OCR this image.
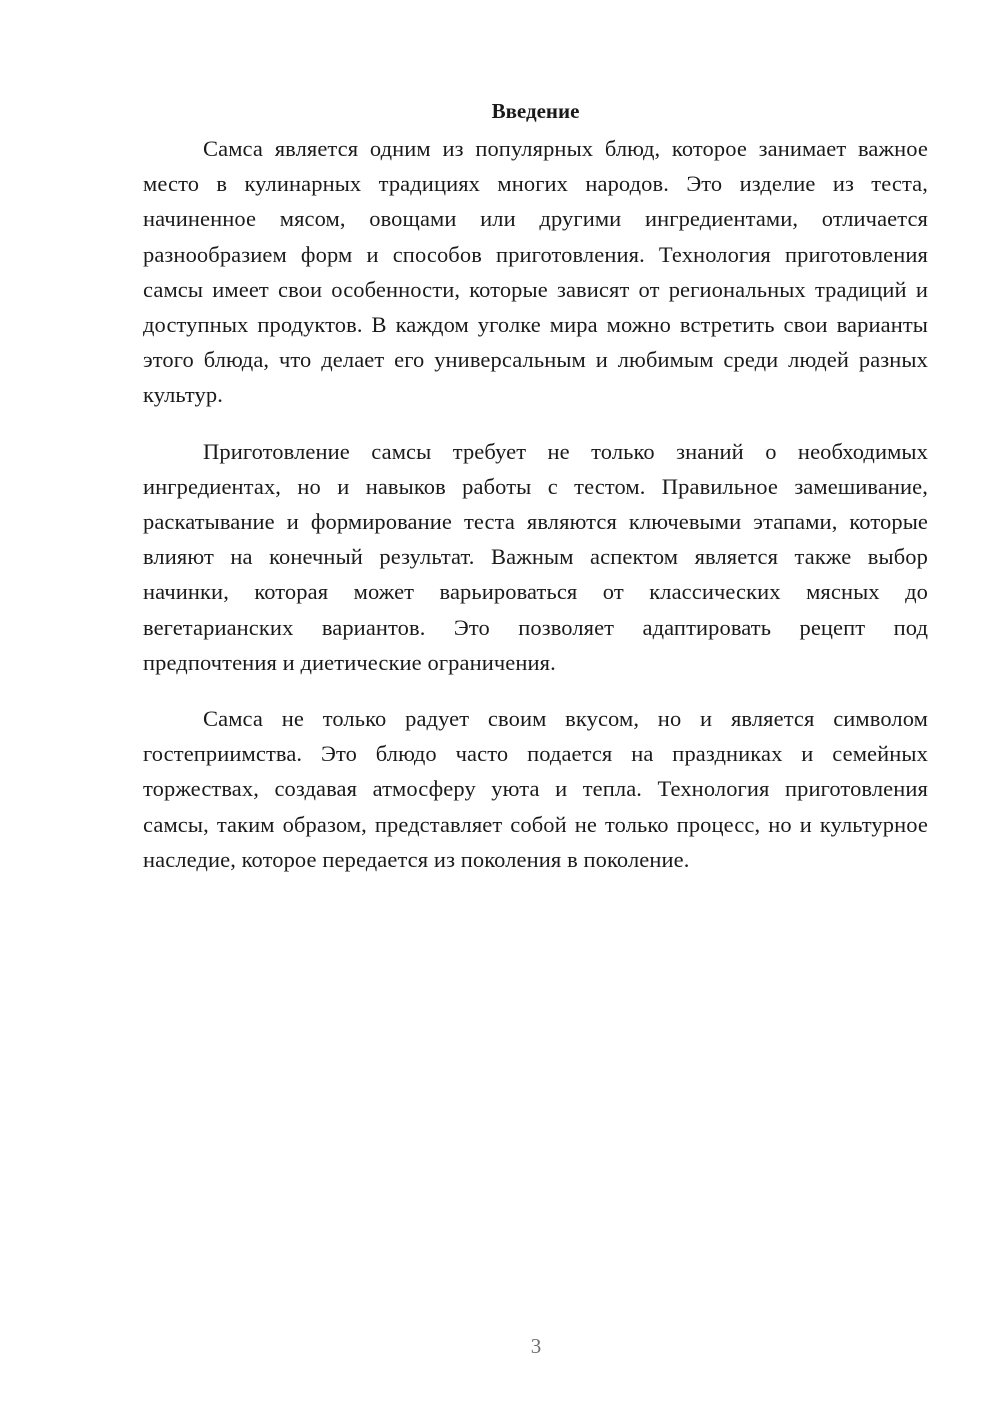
Введение

Самса является одним из популярных блюд, которое занимает важное место в кулинарных традициях многих народов. Это изделие из теста, начиненное мясом, овощами или другими ингредиентами, отличается разнообразием форм и способов приготовления. Технология приготовления самсы имеет свои особенности, которые зависят от региональных традиций и доступных продуктов. В каждом уголке мира можно встретить свои варианты этого блюда, что делает его универсальным и любимым среди людей разных культур.

Приготовление самсы требует не только знаний о необходимых ингредиентах, но и навыков работы с тестом. Правильное замешивание, раскатывание и формирование теста являются ключевыми этапами, которые влияют на конечный результат. Важным аспектом является также выбор начинки, которая может варьироваться от классических мясных до вегетарианских вариантов. Это позволяет адаптировать рецепт под предпочтения и диетические ограничения.

Самса не только радует своим вкусом, но и является символом гостеприимства. Это блюдо часто подается на праздниках и семейных торжествах, создавая атмосферу уюта и тепла. Технология приготовления самсы, таким образом, представляет собой не только процесс, но и культурное наследие, которое передается из поколения в поколение.

3
